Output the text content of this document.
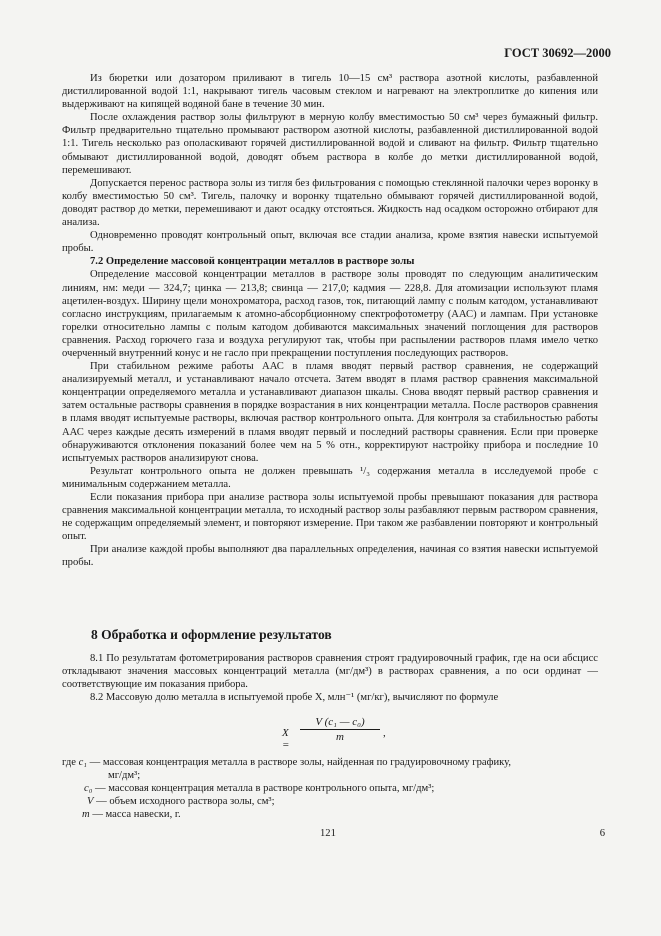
ГОСТ 30692—2000

Из бюретки или дозатором приливают в тигель 10—15 см³ раствора азотной кислоты, разбавленной дистиллированной водой 1:1, накрывают тигель часовым стеклом и нагревают на электроплитке до кипения или выдерживают на кипящей водяной бане в течение 30 мин.

После охлаждения раствор золы фильтруют в мерную колбу вместимостью 50 см³ через бумажный фильтр. Фильтр предварительно тщательно промывают раствором азотной кислоты, разбавленной дистиллированной водой 1:1. Тигель несколько раз ополаскивают горячей дистиллированной водой и сливают на фильтр. Фильтр тщательно обмывают дистиллированной водой, доводят объем раствора в колбе до метки дистиллированной водой, перемешивают.

Допускается перенос раствора золы из тигля без фильтрования с помощью стеклянной палочки через воронку в колбу вместимостью 50 см³. Тигель, палочку и воронку тщательно обмывают горячей дистиллированной водой, доводят раствор до метки, перемешивают и дают осадку отстояться. Жидкость над осадком осторожно отбирают для анализа.

Одновременно проводят контрольный опыт, включая все стадии анализа, кроме взятия навески испытуемой пробы.

7.2 Определение массовой концентрации металлов в растворе золы

Определение массовой концентрации металлов в растворе золы проводят по следующим аналитическим линиям, нм: меди — 324,7; цинка — 213,8; свинца — 217,0; кадмия — 228,8. Для атомизации используют пламя ацетилен-воздух. Ширину щели монохроматора, расход газов, ток, питающий лампу с полым катодом, устанавливают согласно инструкциям, прилагаемым к атомно-абсорбционному спектрофотометру (ААС) и лампам. При установке горелки относительно лампы с полым катодом добиваются максимальных значений поглощения для растворов сравнения. Расход горючего газа и воздуха регулируют так, чтобы при распылении растворов пламя имело четко очерченный внутренний конус и не гасло при прекращении поступления последующих растворов.

При стабильном режиме работы ААС в пламя вводят первый раствор сравнения, не содержащий анализируемый металл, и устанавливают начало отсчета. Затем вводят в пламя раствор сравнения максимальной концентрации определяемого металла и устанавливают диапазон шкалы. Снова вводят первый раствор сравнения и затем остальные растворы сравнения в порядке возрастания в них концентрации металла. После растворов сравнения в пламя вводят испытуемые растворы, включая раствор контрольного опыта. Для контроля за стабильностью работы ААС через каждые десять измерений в пламя вводят первый и последний растворы сравнения. Если при проверке обнаруживаются отклонения показаний более чем на 5 % отн., корректируют настройку прибора и последние 10 испытуемых растворов анализируют снова.

Результат контрольного опыта не должен превышать ¹/₃ содержания металла в исследуемой пробе с минимальным содержанием металла.

Если показания прибора при анализе раствора золы испытуемой пробы превышают показания для раствора сравнения максимальной концентрации металла, то исходный раствор золы разбавляют первым раствором сравнения, не содержащим определяемый элемент, и повторяют измерение. При таком же разбавлении повторяют и контрольный опыт.

При анализе каждой пробы выполняют два параллельных определения, начиная со взятия навески испытуемой пробы.

8 Обработка и оформление результатов

8.1 По результатам фотометрирования растворов сравнения строят градуировочный график, где на оси абсцисс откладывают значения массовых концентраций металла (мг/дм³) в растворах сравнения, а по оси ординат — соответствующие им показания прибора.

8.2 Массовую долю металла в испытуемой пробе X, млн⁻¹ (мг/кг), вычисляют по формуле

X =
$\frac{\text{V (c₁ — c₀)}}{m}$ ,

где c₁ — массовая концентрация металла в растворе золы, найденная по градуировочному графику,

мг/дм³;

c₀ — массовая концентрация металла в растворе контрольного опыта, мг/дм³;

V — объем исходного раствора золы, см³;

m — масса навески, г.

121	6
